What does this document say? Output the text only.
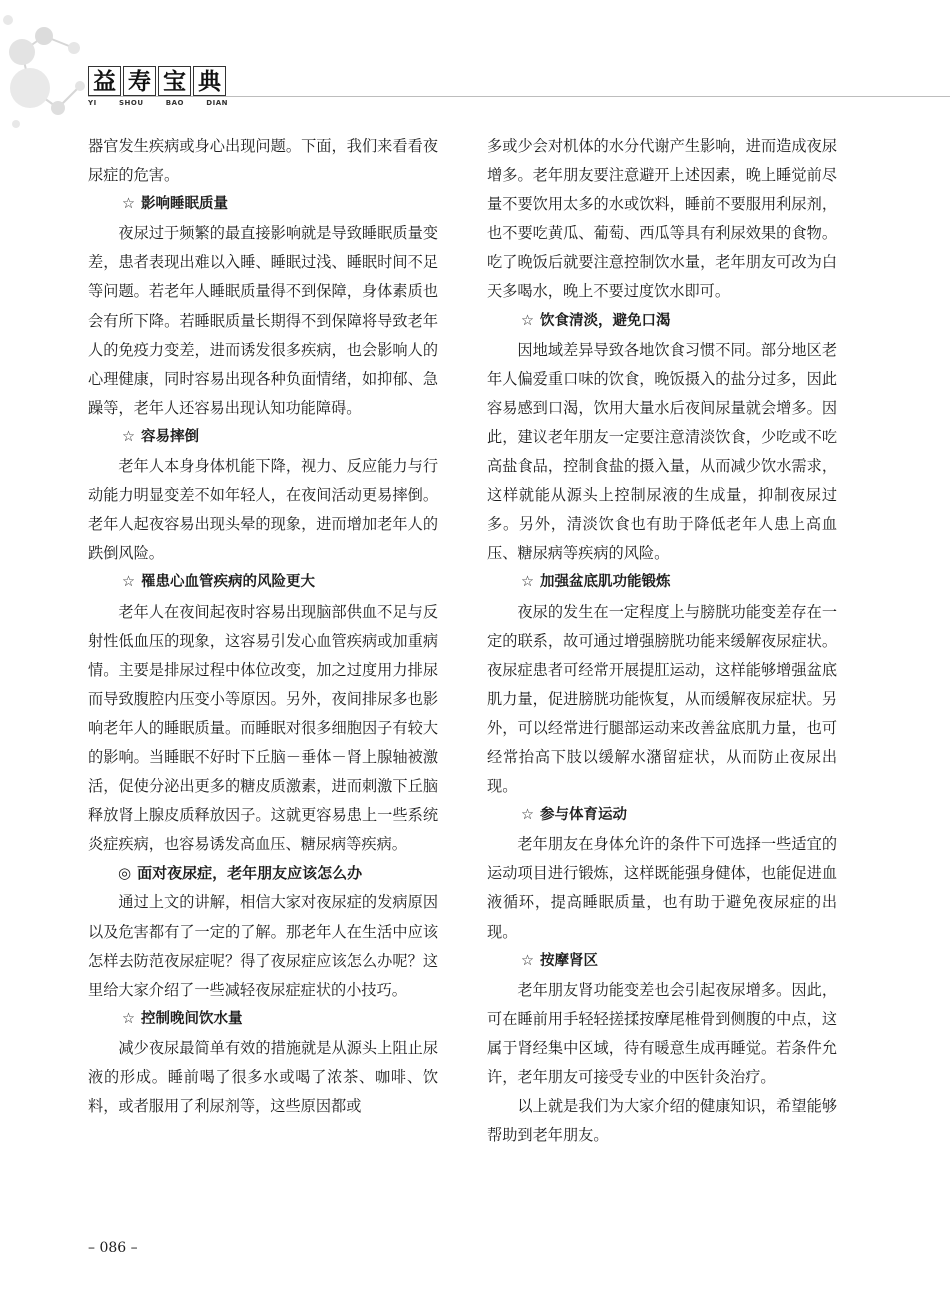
益 寿 宝 典
YI	SHOU	BAO	DIAN

器官发生疾病或身心出现问题。下面，我们来看看夜尿症的危害。

☆ 影响睡眠质量

夜尿过于频繁的最直接影响就是导致睡眠质量变差，患者表现出难以入睡、睡眠过浅、睡眠时间不足等问题。若老年人睡眠质量得不到保障，身体素质也会有所下降。若睡眠质量长期得不到保障将导致老年人的免疫力变差，进而诱发很多疾病，也会影响人的心理健康，同时容易出现各种负面情绪，如抑郁、急躁等，老年人还容易出现认知功能障碍。

☆ 容易摔倒

老年人本身身体机能下降，视力、反应能力与行动能力明显变差不如年轻人，在夜间活动更易摔倒。老年人起夜容易出现头晕的现象，进而增加老年人的跌倒风险。

☆ 罹患心血管疾病的风险更大

老年人在夜间起夜时容易出现脑部供血不足与反射性低血压的现象，这容易引发心血管疾病或加重病情。主要是排尿过程中体位改变，加之过度用力排尿而导致腹腔内压变小等原因。另外，夜间排尿多也影响老年人的睡眠质量。而睡眠对很多细胞因子有较大的影响。当睡眠不好时下丘脑－垂体－肾上腺轴被激活，促使分泌出更多的糖皮质激素，进而刺激下丘脑释放肾上腺皮质释放因子。这就更容易患上一些系统炎症疾病，也容易诱发高血压、糖尿病等疾病。

◎ 面对夜尿症，老年朋友应该怎么办

通过上文的讲解，相信大家对夜尿症的发病原因以及危害都有了一定的了解。那老年人在生活中应该怎样去防范夜尿症呢？得了夜尿症应该怎么办呢？这里给大家介绍了一些减轻夜尿症症状的小技巧。

☆ 控制晚间饮水量

减少夜尿最简单有效的措施就是从源头上阻止尿液的形成。睡前喝了很多水或喝了浓茶、咖啡、饮料，或者服用了利尿剂等，这些原因都或

多或少会对机体的水分代谢产生影响，进而造成夜尿增多。老年朋友要注意避开上述因素，晚上睡觉前尽量不要饮用太多的水或饮料，睡前不要服用利尿剂，也不要吃黄瓜、葡萄、西瓜等具有利尿效果的食物。吃了晚饭后就要注意控制饮水量，老年朋友可改为白天多喝水，晚上不要过度饮水即可。

☆ 饮食清淡，避免口渴

因地域差异导致各地饮食习惯不同。部分地区老年人偏爱重口味的饮食，晚饭摄入的盐分过多，因此容易感到口渴，饮用大量水后夜间尿量就会增多。因此，建议老年朋友一定要注意清淡饮食，少吃或不吃高盐食品，控制食盐的摄入量，从而减少饮水需求，这样就能从源头上控制尿液的生成量，抑制夜尿过多。另外，清淡饮食也有助于降低老年人患上高血压、糖尿病等疾病的风险。

☆ 加强盆底肌功能锻炼

夜尿的发生在一定程度上与膀胱功能变差存在一定的联系，故可通过增强膀胱功能来缓解夜尿症状。夜尿症患者可经常开展提肛运动，这样能够增强盆底肌力量，促进膀胱功能恢复，从而缓解夜尿症状。另外，可以经常进行腿部运动来改善盆底肌力量，也可经常抬高下肢以缓解水潴留症状，从而防止夜尿出现。

☆ 参与体育运动

老年朋友在身体允许的条件下可选择一些适宜的运动项目进行锻炼，这样既能强身健体，也能促进血液循环，提高睡眠质量，也有助于避免夜尿症的出现。

☆ 按摩肾区

老年朋友肾功能变差也会引起夜尿增多。因此，可在睡前用手轻轻搓揉按摩尾椎骨到侧腹的中点，这属于肾经集中区域，待有暖意生成再睡觉。若条件允许，老年朋友可接受专业的中医针灸治疗。

以上就是我们为大家介绍的健康知识，希望能够帮助到老年朋友。

– 086 –
